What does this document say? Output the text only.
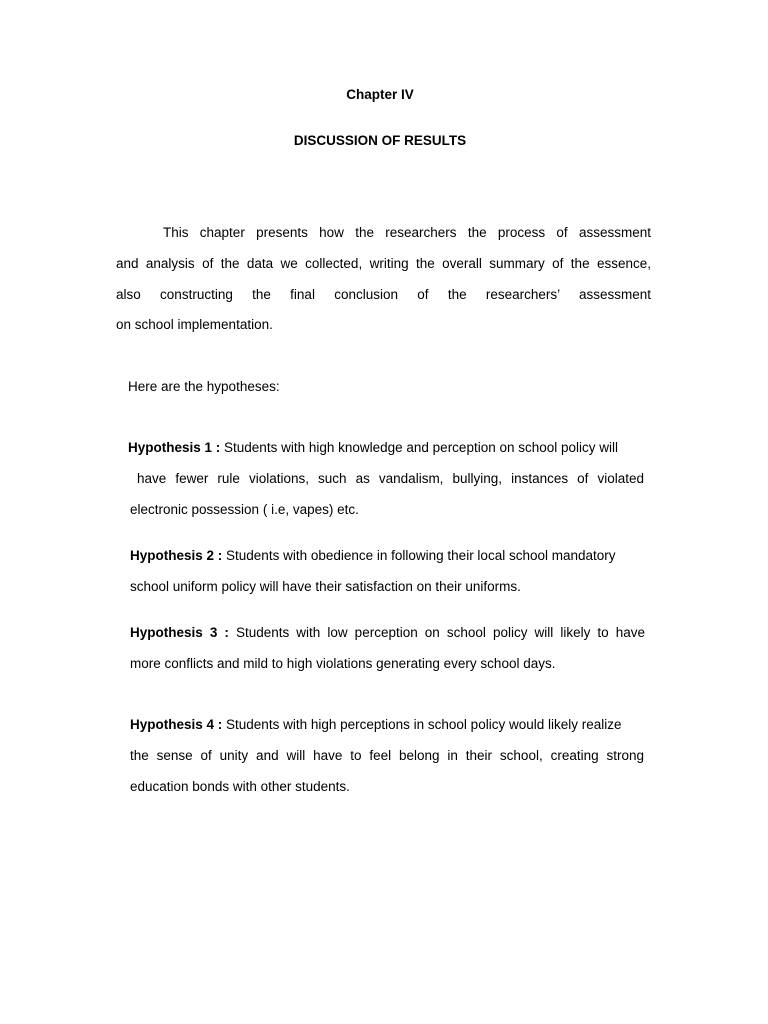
Chapter IV
DISCUSSION OF RESULTS
This chapter presents how the researchers the process of assessment
and analysis of the data we collected, writing the overall summary of the essence,
also constructing the final conclusion of the researchers’ assessment
on school implementation.
Here are the hypotheses:
Hypothesis 1 : Students with high knowledge and perception on school policy will
have fewer rule violations, such as vandalism, bullying, instances of violated
electronic possession ( i.e, vapes) etc.
Hypothesis 2 : Students with obedience in following their local school mandatory
school uniform policy will have their satisfaction on their uniforms.
Hypothesis 3 : Students with low perception on school policy will likely to have
more conflicts and mild to high violations generating every school days.
Hypothesis 4 : Students with high perceptions in school policy would likely realize
the sense of unity and will have to feel belong in their school, creating strong
education bonds with other students.
